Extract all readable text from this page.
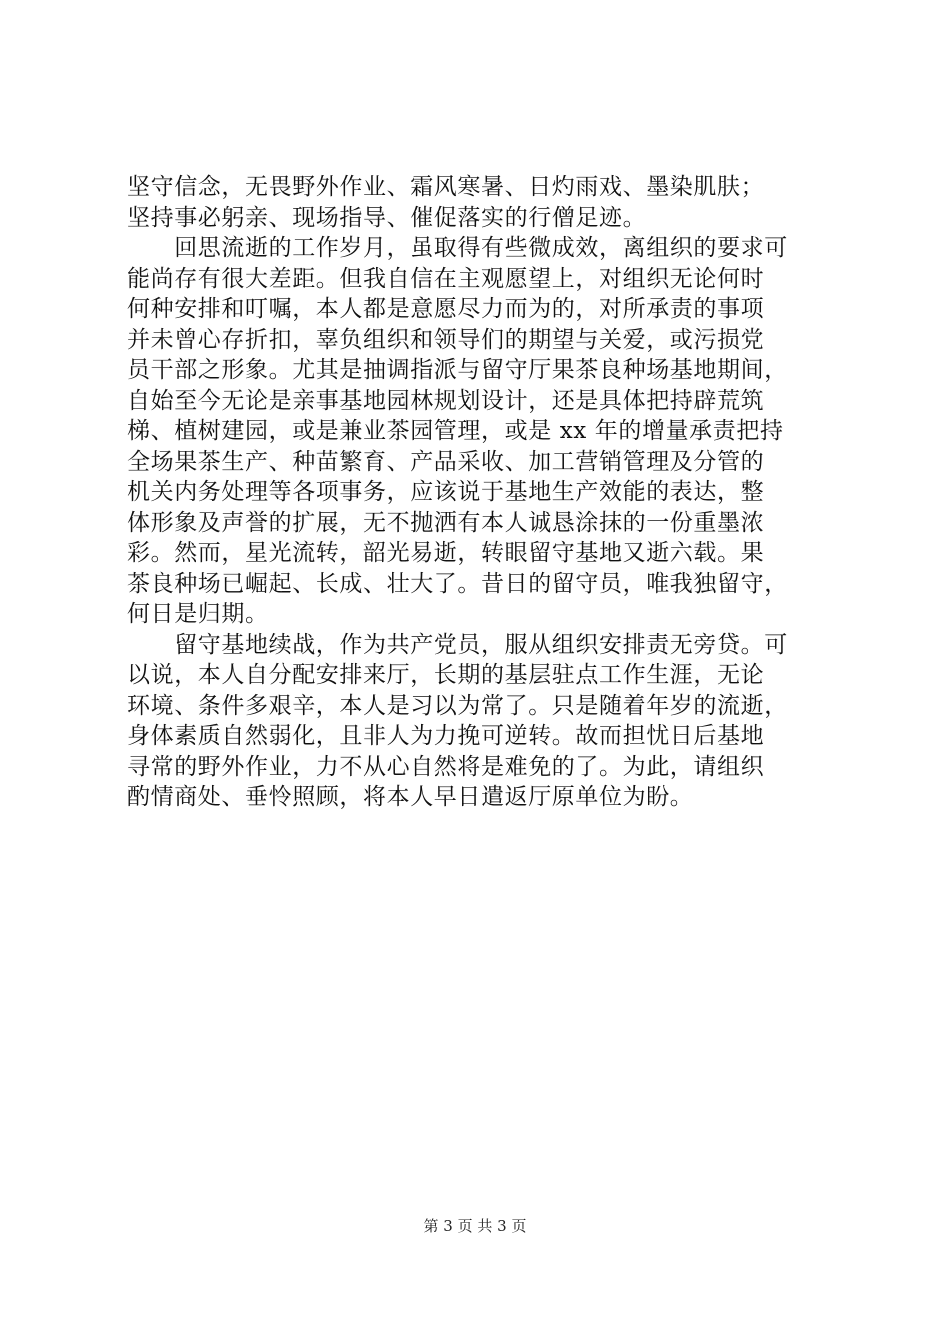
坚守信念，无畏野外作业、霜风寒暑、日灼雨戏、墨染肌肤；
坚持事必躬亲、现场指导、催促落实的行僧足迹。
　　回思流逝的工作岁月，虽取得有些微成效，离组织的要求可
能尚存有很大差距。但我自信在主观愿望上，对组织无论何时
何种安排和叮嘱，本人都是意愿尽力而为的，对所承责的事项
并未曾心存折扣，辜负组织和领导们的期望与关爱，或污损党
员干部之形象。尤其是抽调指派与留守厅果茶良种场基地期间，
自始至今无论是亲事基地园林规划设计，还是具体把持辟荒筑
梯、植树建园，或是兼业茶园管理，或是 xx 年的增量承责把持
全场果茶生产、种苗繁育、产品采收、加工营销管理及分管的
机关内务处理等各项事务，应该说于基地生产效能的表达，整
体形象及声誉的扩展，无不抛洒有本人诚恳涂抹的一份重墨浓
彩。然而，星光流转，韶光易逝，转眼留守基地又逝六载。果
茶良种场已崛起、长成、壮大了。昔日的留守员，唯我独留守，
何日是归期。
　　留守基地续战，作为共产党员，服从组织安排责无旁贷。可
以说，本人自分配安排来厅，长期的基层驻点工作生涯，无论
环境、条件多艰辛，本人是习以为常了。只是随着年岁的流逝，
身体素质自然弱化，且非人为力挽可逆转。故而担忧日后基地
寻常的野外作业，力不从心自然将是难免的了。为此，请组织
酌情商处、垂怜照顾，将本人早日遣返厅原单位为盼。
第 3 页 共 3 页
